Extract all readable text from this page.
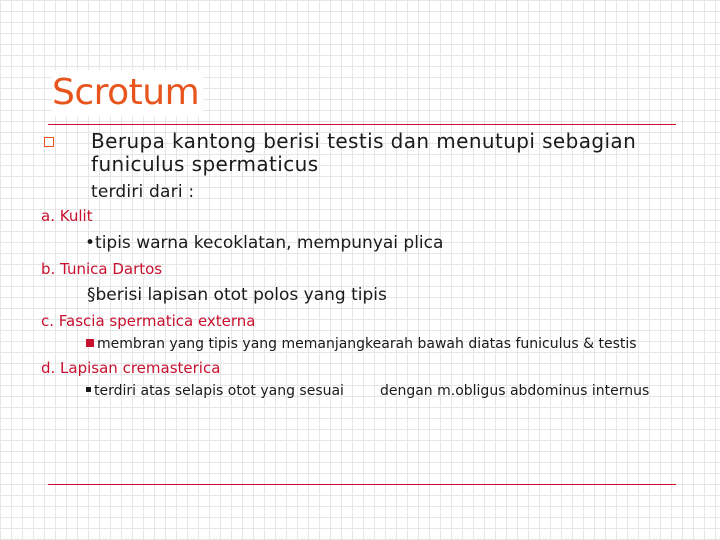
Scrotum
Berupa kantong berisi testis dan menutupi sebagian
funiculus spermaticus
terdiri dari :
a. Kulit
•tipis warna kecoklatan, mempunyai plica
b. Tunica Dartos
§berisi lapisan otot polos yang tipis
c. Fascia spermatica externa
membran yang tipis yang memanjangkearah bawah diatas funiculus & testis
d. Lapisan cremasterica
terdiri atas selapis otot yang sesuai	dengan m.obligus abdominus internus
